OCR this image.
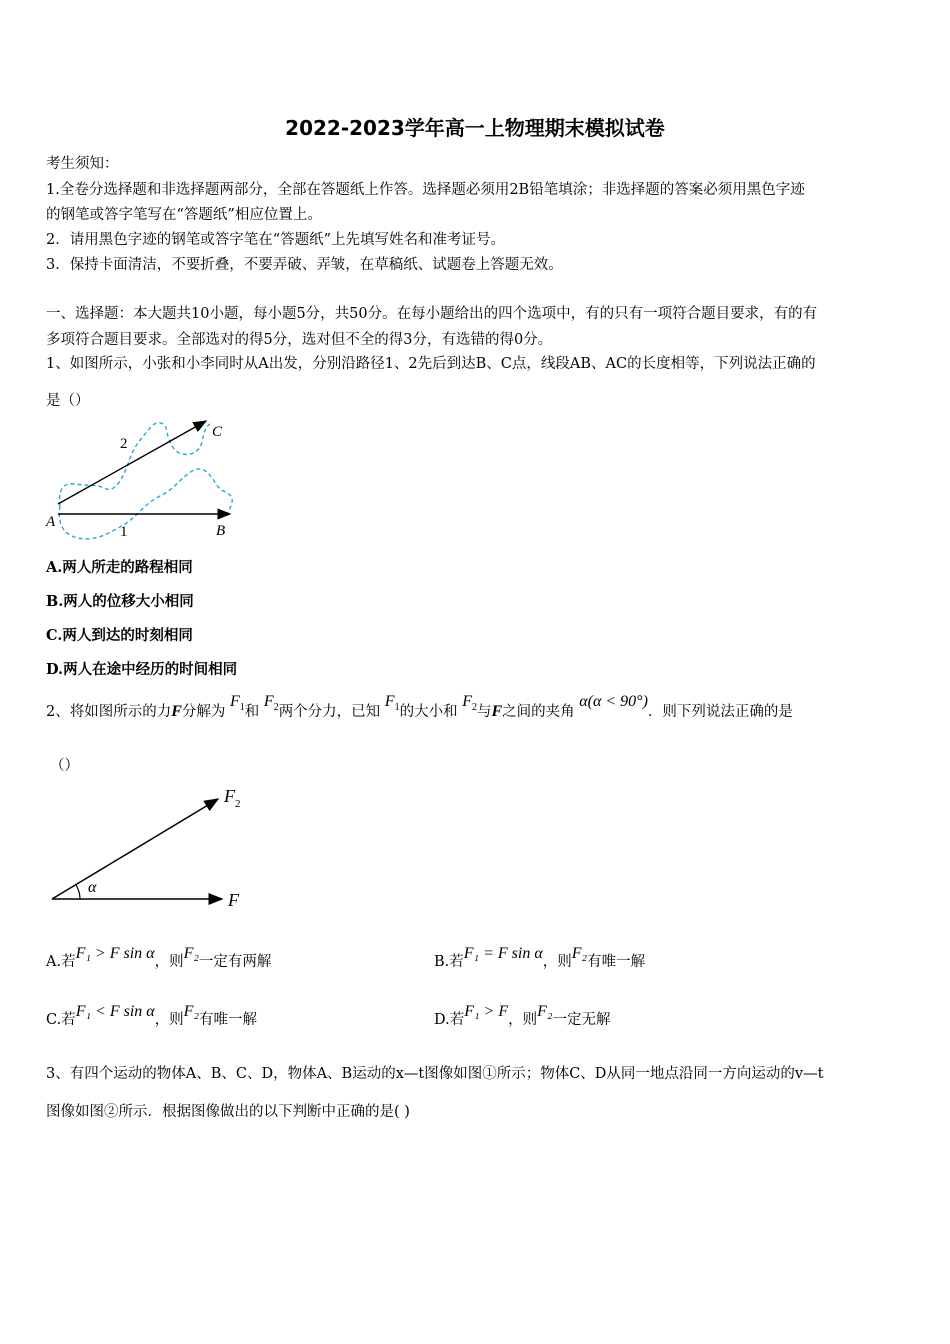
2022-2023学年高一上物理期末模拟试卷
考生须知：
1.全卷分选择题和非选择题两部分，全部在答题纸上作答。选择题必须用2B铅笔填涂；非选择题的答案必须用黑色字迹
的钢笔或答字笔写在“答题纸”相应位置上。
2．请用黑色字迹的钢笔或答字笔在“答题纸”上先填写姓名和准考证号。
3．保持卡面清洁，不要折叠，不要弄破、弄皱，在草稿纸、试题卷上答题无效。
一、选择题：本大题共10小题，每小题5分，共50分。在每小题给出的四个选项中，有的只有一项符合题目要求，有的有
多项符合题目要求。全部选对的得5分，选对但不全的得3分，有选错的得0分。
1、如图所示，小张和小李同时从A出发，分别沿路径1、2先后到达B、C点，线段AB、AC的长度相等，下列说法正确的
是（）
A
B
C
1
2
A.两人所走的路程相同
B.两人的位移大小相同
C.两人到达的时刻相同
D.两人在途中经历的时间相同
2、将如图所示的力F分解为 $F_1$和 $F_2$两个分力，已知 $F_1$的大小和 $F_2$与F之间的夹角 α(α < 90°)．则下列说法正确的是
（）
α
$F_2$
F
A.若F₁ > F sin α，则F₂一定有两解	B.若F₁ = F sin α，则F₂有唯一解
C.若F₁ < F sin α，则F₂有唯一解	D.若F₁ > F，则F₂一定无解
3、有四个运动的物体A、B、C、D，物体A、B运动的x—t图像如图①所示；物体C、D从同一地点沿同一方向运动的v—t
图像如图②所示．根据图像做出的以下判断中正确的是( )
